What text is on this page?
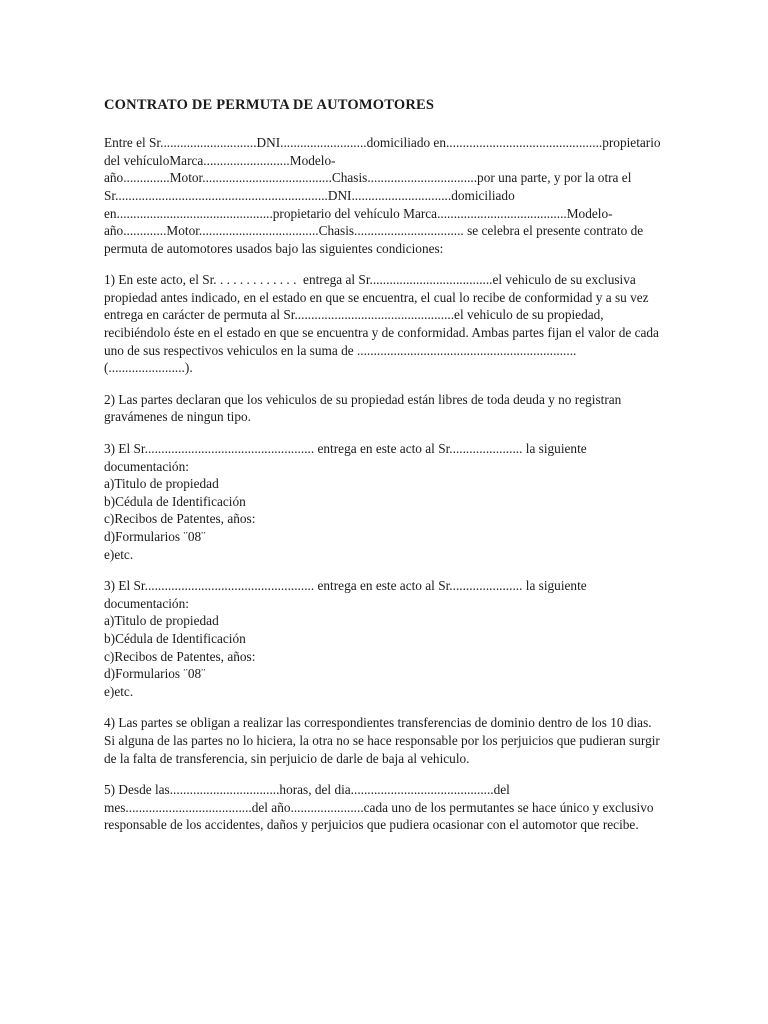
CONTRATO DE PERMUTA DE AUTOMOTORES

Entre el Sr.............................DNI..........................domiciliado en...............................................propietario del vehículoMarca..........................Modelo-año..............Motor.......................................Chasis.................................por una parte, y por la otra el Sr................................................................DNI..............................domiciliado en...............................................propietario del vehículo Marca.......................................Modelo-año.............Motor....................................Chasis................................. se celebra el presente contrato de permuta de automotores usados bajo las siguientes condiciones:

1) En este acto, el Sr. . . . . . . . . . . . .  entrega al Sr.....................................el vehiculo de su exclusiva propiedad antes indicado, en el estado en que se encuentra, el cual lo recibe de conformidad y a su vez entrega en carácter de permuta al Sr................................................el vehiculo de su propiedad, recibiéndolo éste en el estado en que se encuentra y de conformidad. Ambas partes fijan el valor de cada uno de sus respectivos vehiculos en la suma de ..................................................................(.......................).

2) Las partes declaran que los vehiculos de su propiedad están libres de toda deuda y no registran gravámenes de ningun tipo.

3) El Sr................................................... entrega en este acto al Sr...................... la siguiente documentación:
a)Titulo de propiedad
b)Cédula de Identificación
c)Recibos de Patentes, años:
d)Formularios ¨08¨
e)etc.

3) El Sr................................................... entrega en este acto al Sr...................... la siguiente documentación:
a)Titulo de propiedad
b)Cédula de Identificación
c)Recibos de Patentes, años:
d)Formularios ¨08¨
e)etc.

4) Las partes se obligan a realizar las correspondientes transferencias de dominio dentro de los 10 dias. Si alguna de las partes no lo hiciera, la otra no se hace responsable por los perjuicios que pudieran surgir de la falta de transferencia, sin perjuicio de darle de baja al vehiculo.

5) Desde las.................................horas, del dia...........................................del mes......................................del año......................cada uno de los permutantes se hace único y exclusivo responsable de los accidentes, daños y perjuicios que pudiera ocasionar con el automotor que recibe.
